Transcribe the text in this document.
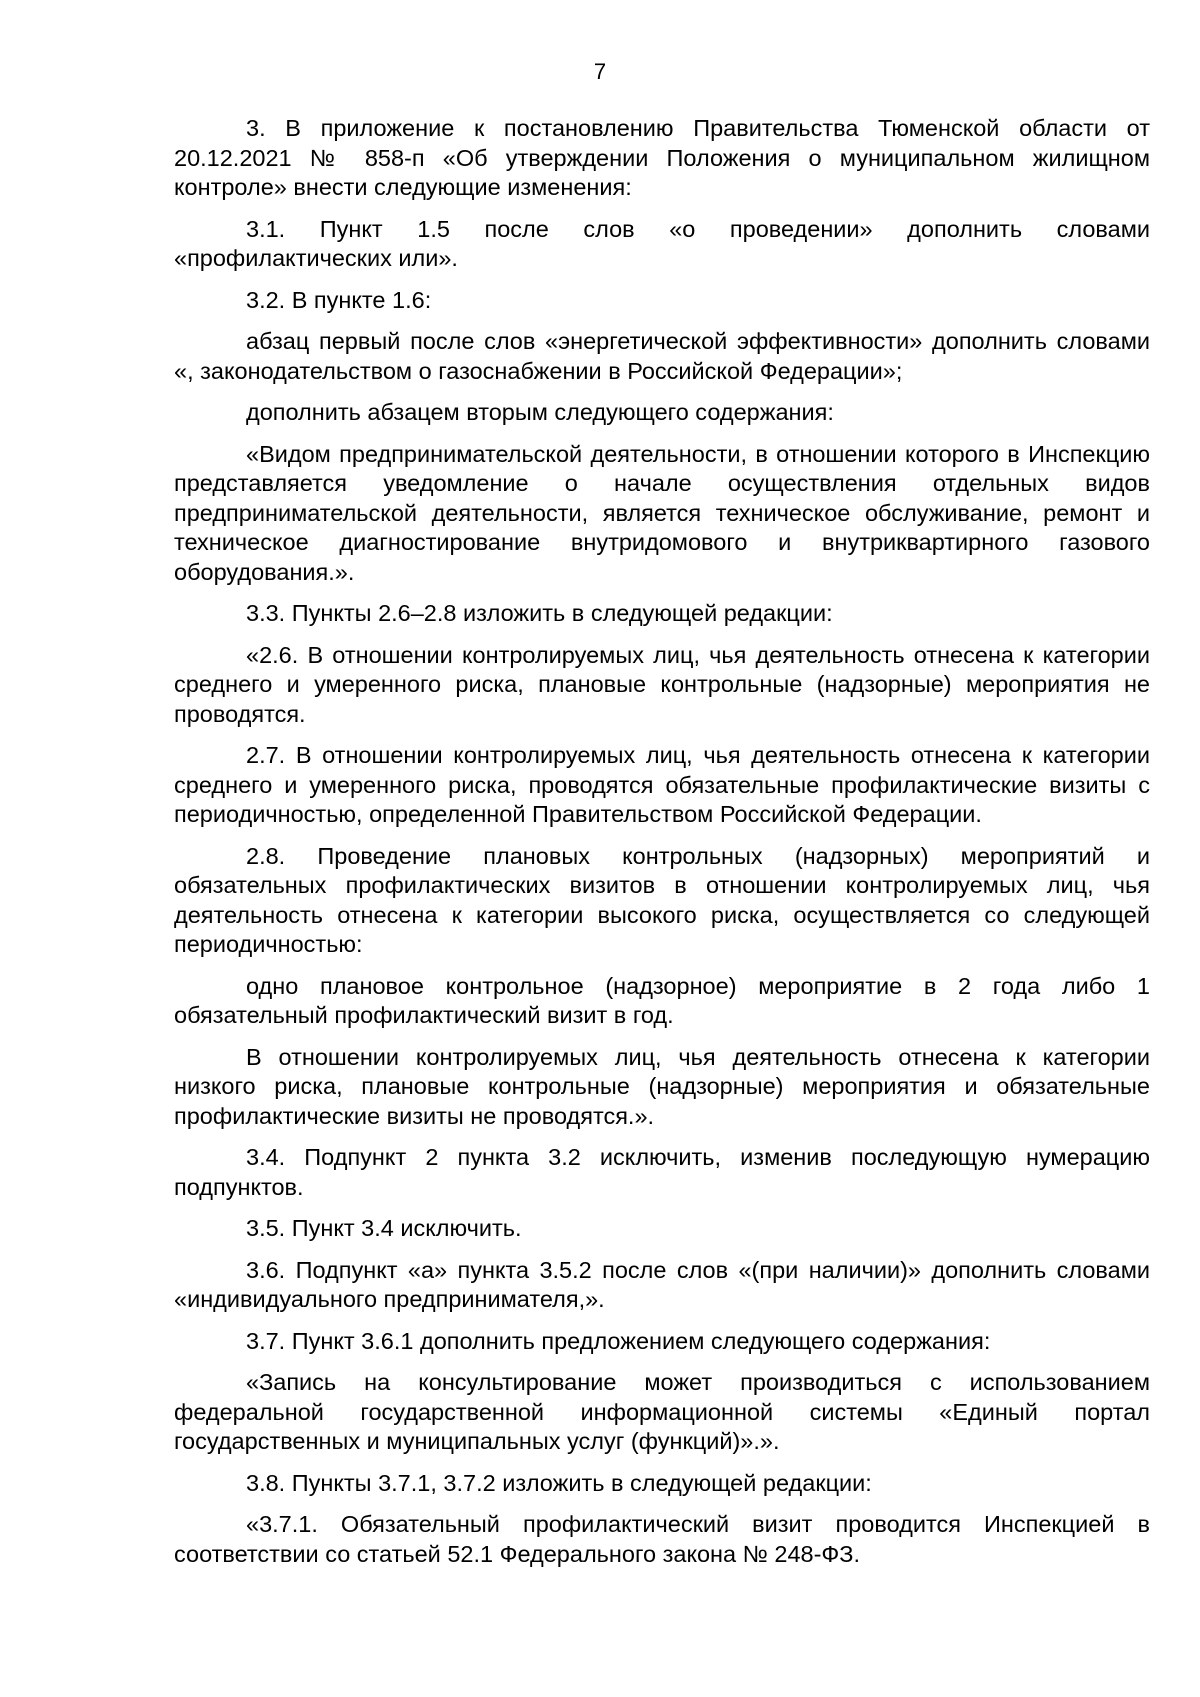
7

3. В приложение к постановлению Правительства Тюменской области от 20.12.2021 № 858-п «Об утверждении Положения о муниципальном жилищном контроле» внести следующие изменения:

3.1. Пункт 1.5 после слов «о проведении» дополнить словами «профилактических или».

3.2. В пункте 1.6:

абзац первый после слов «энергетической эффективности» дополнить словами «, законодательством о газоснабжении в Российской Федерации»;

дополнить абзацем вторым следующего содержания:

«Видом предпринимательской деятельности, в отношении которого в Инспекцию представляется уведомление о начале осуществления отдельных видов предпринимательской деятельности, является техническое обслуживание, ремонт и техническое диагностирование внутридомового и внутриквартирного газового оборудования.».

3.3. Пункты 2.6–2.8 изложить в следующей редакции:

«2.6. В отношении контролируемых лиц, чья деятельность отнесена к категории среднего и умеренного риска, плановые контрольные (надзорные) мероприятия не проводятся.

2.7. В отношении контролируемых лиц, чья деятельность отнесена к категории среднего и умеренного риска, проводятся обязательные профилактические визиты с периодичностью, определенной Правительством Российской Федерации.

2.8. Проведение плановых контрольных (надзорных) мероприятий и обязательных профилактических визитов в отношении контролируемых лиц, чья деятельность отнесена к категории высокого риска, осуществляется со следующей периодичностью:

одно плановое контрольное (надзорное) мероприятие в 2 года либо 1 обязательный профилактический визит в год.

В отношении контролируемых лиц, чья деятельность отнесена к категории низкого риска, плановые контрольные (надзорные) мероприятия и обязательные профилактические визиты не проводятся.».

3.4. Подпункт 2 пункта 3.2 исключить, изменив последующую нумерацию подпунктов.

3.5. Пункт 3.4 исключить.

3.6. Подпункт «а» пункта 3.5.2 после слов «(при наличии)» дополнить словами «индивидуального предпринимателя,».

3.7. Пункт 3.6.1 дополнить предложением следующего содержания:

«Запись на консультирование может производиться с использованием федеральной государственной информационной системы «Единый портал государственных и муниципальных услуг (функций)».».

3.8. Пункты 3.7.1, 3.7.2 изложить в следующей редакции:

«3.7.1. Обязательный профилактический визит проводится Инспекцией в соответствии со статьей 52.1 Федерального закона № 248-ФЗ.
